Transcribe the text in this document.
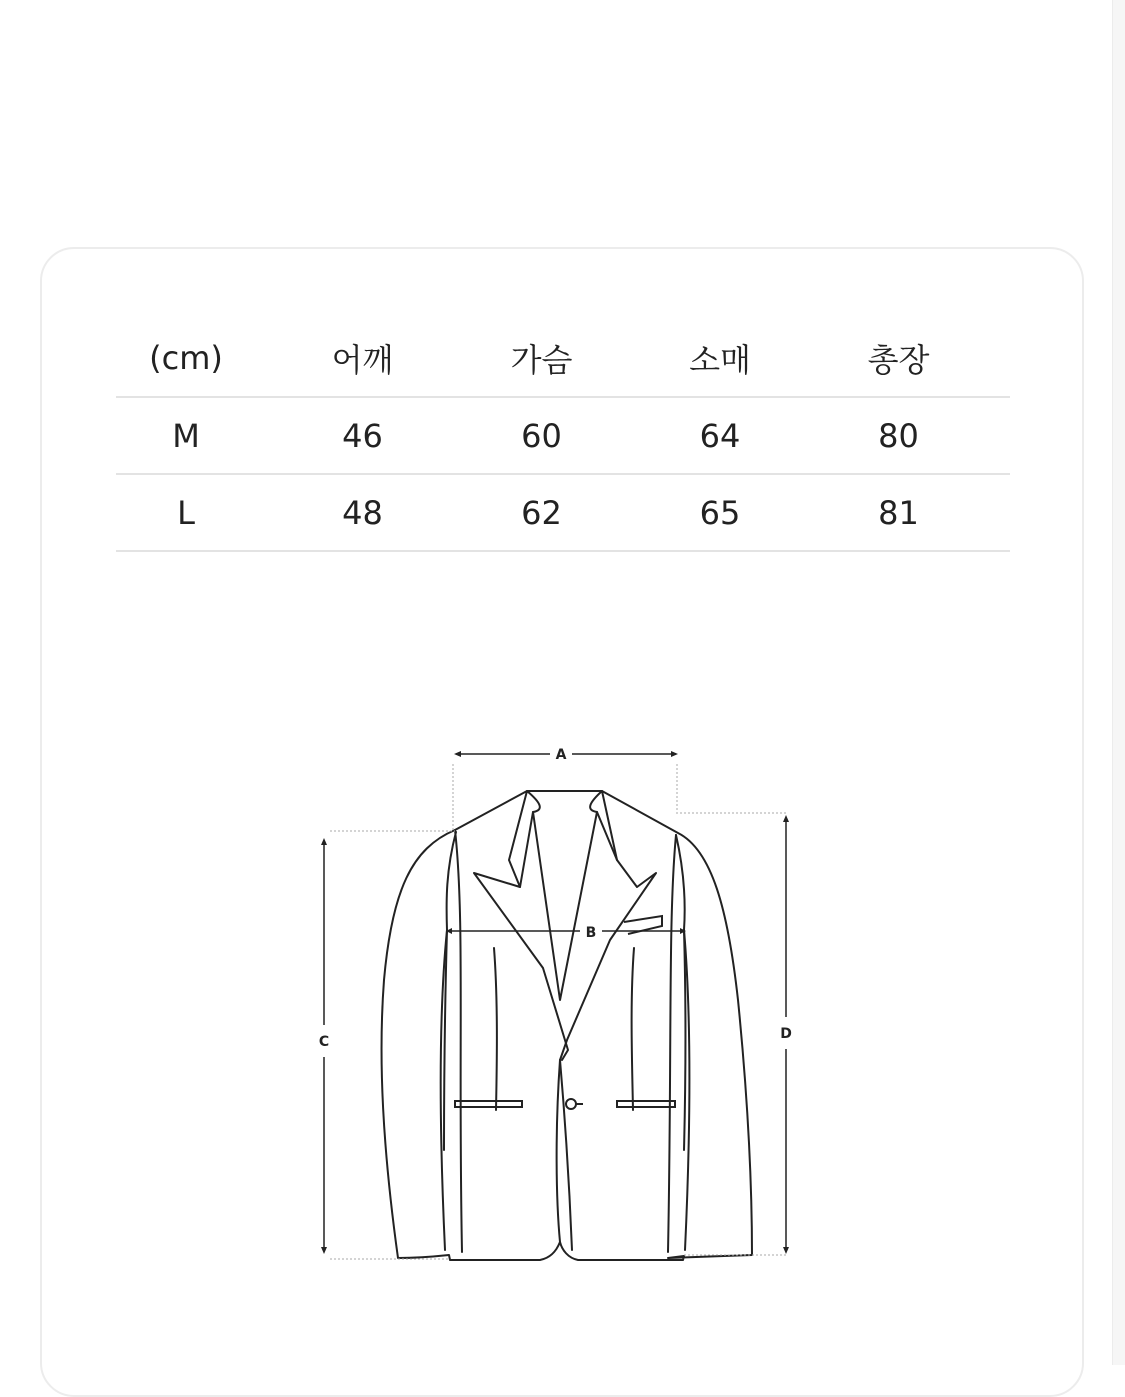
(cm)	어깨	가슴	소매	총장
M	46	60	64	80
L	48	62	65	81
A
B
C	D
